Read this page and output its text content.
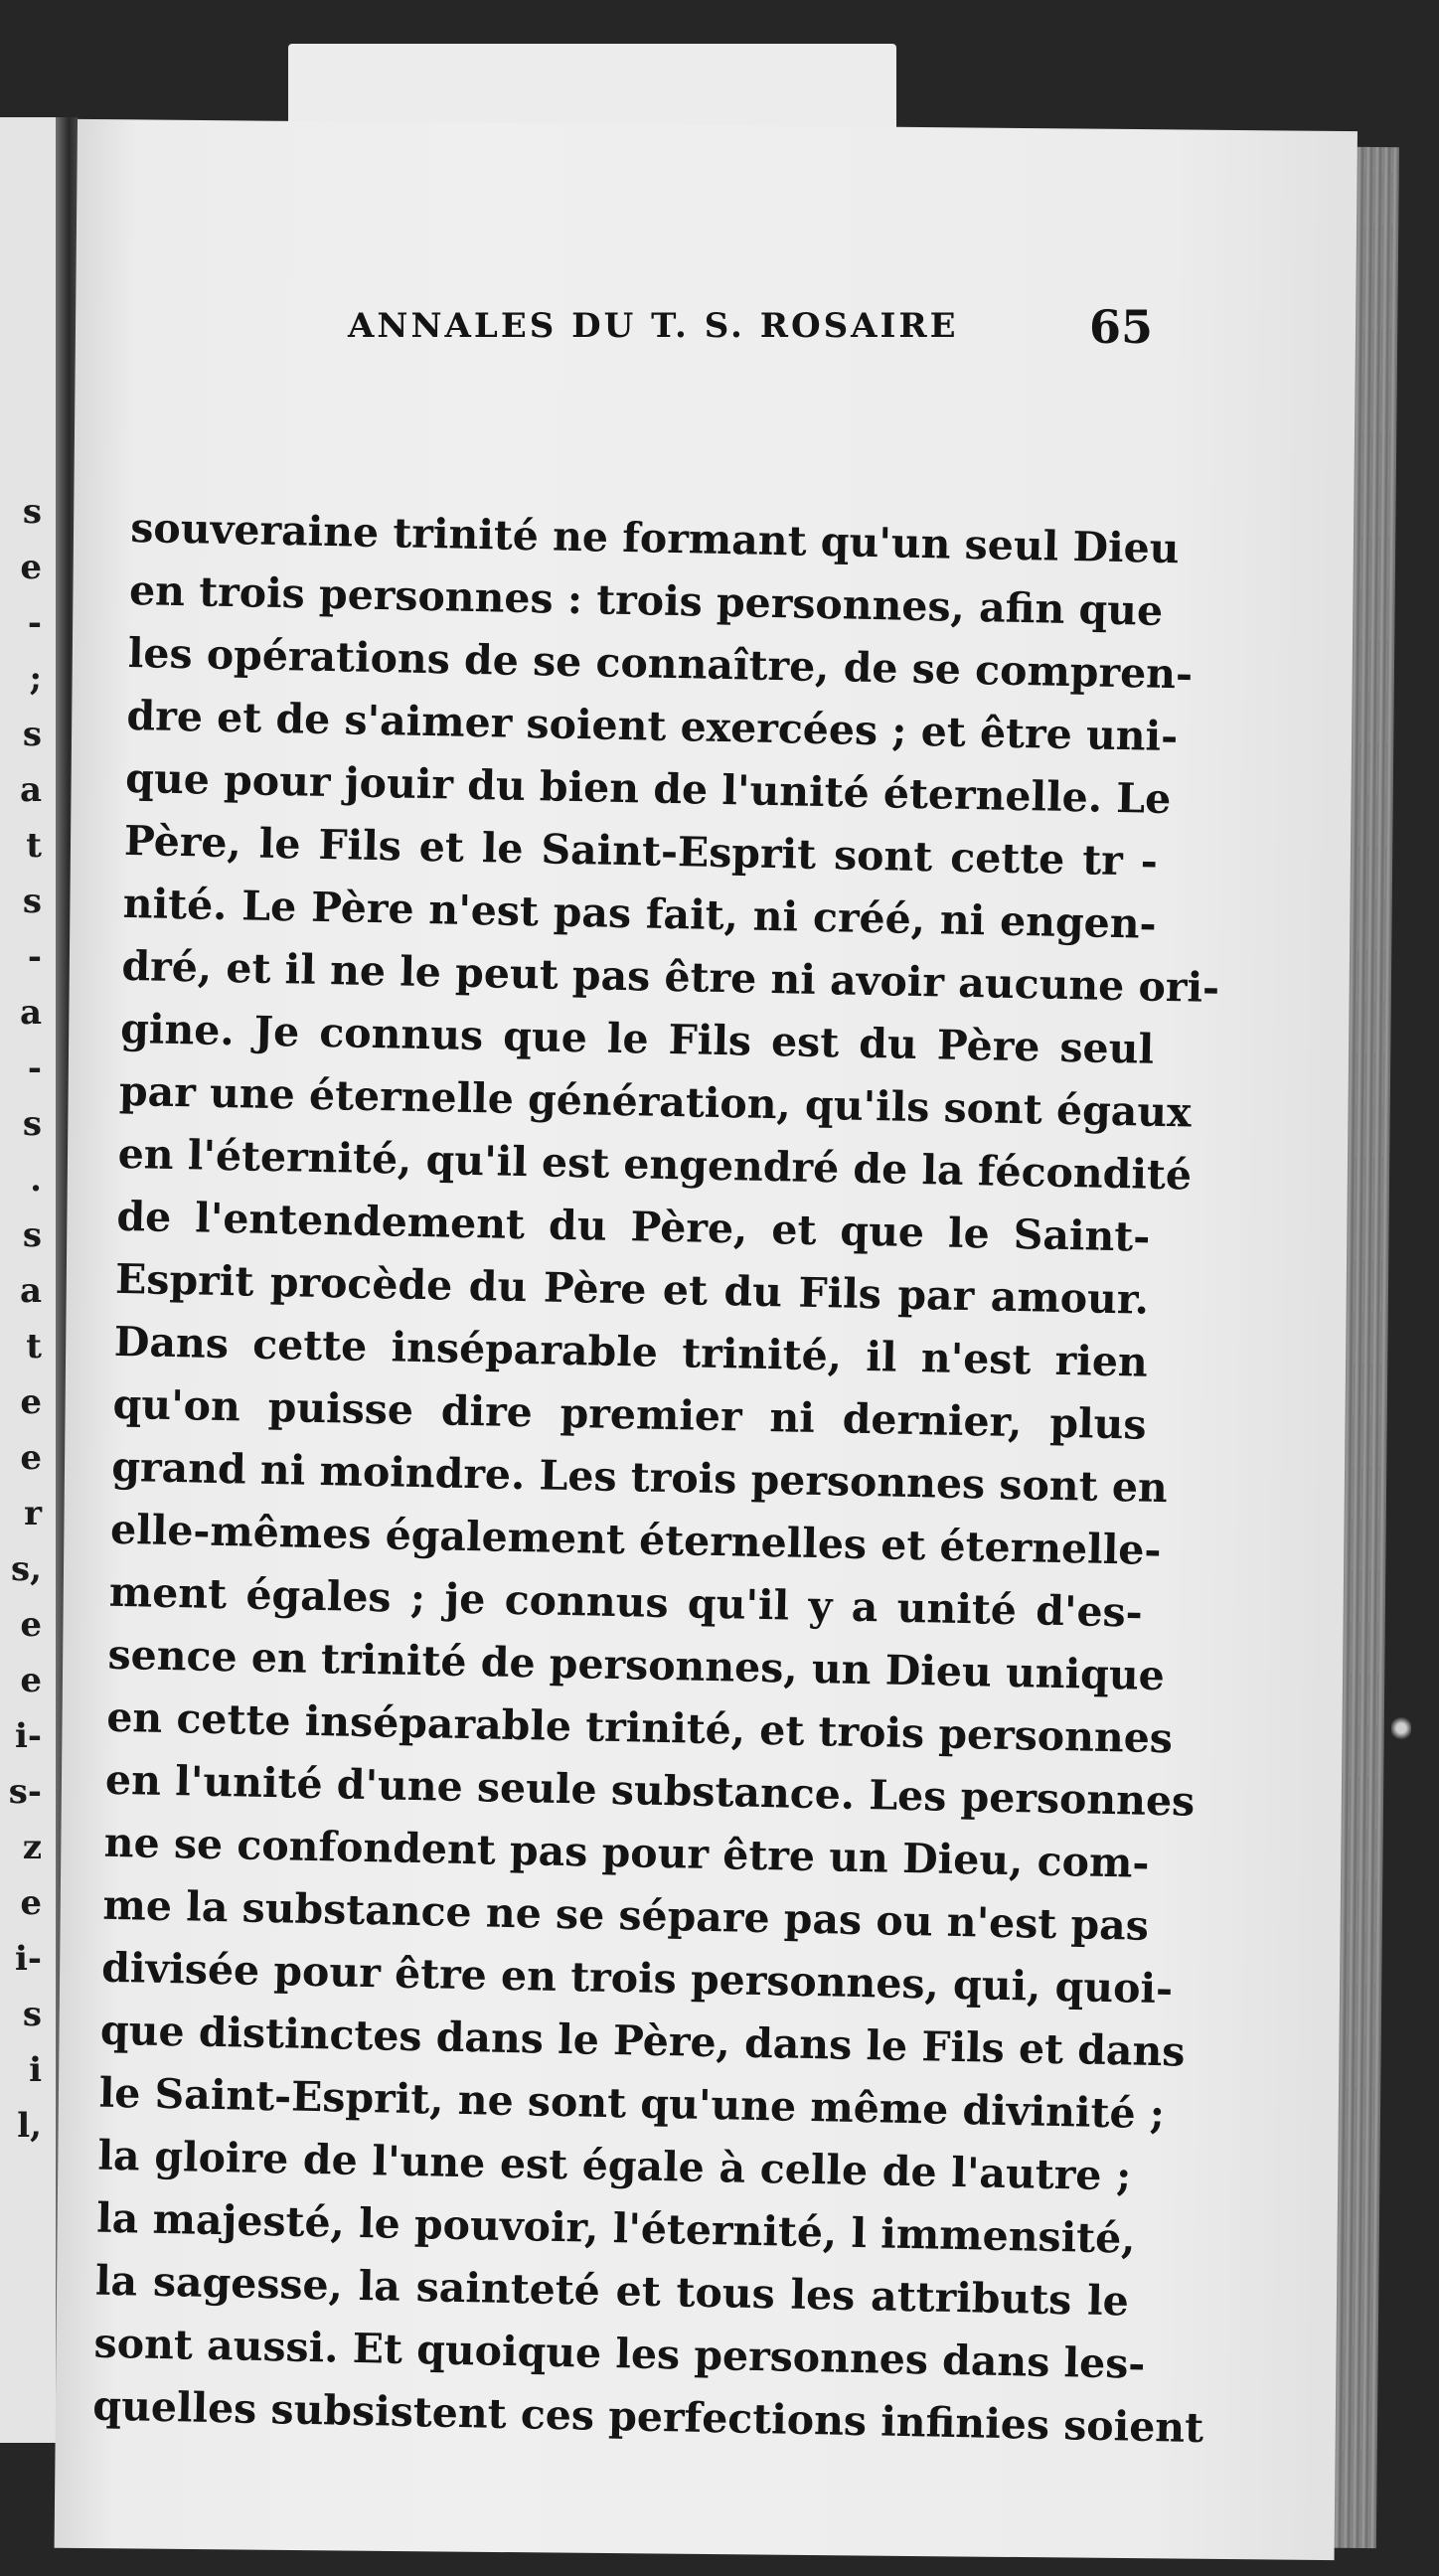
s
e
-
;
s
a
t
s
-
a
-
s
.
s
a
t
e
e
r
s,
e
e
i-
s-
z
e
i-
s
i
l,
ANNALES DU T. S. ROSAIRE	65
souveraine trinité ne formant qu'un seul Dieu
en trois personnes : trois personnes, afin que
les opérations de se connaître, de se compren-
dre et de s'aimer soient exercées ; et être uni-
que pour jouir du bien de l'unité éternelle. Le
Père, le Fils et le Saint-Esprit sont cette tr -
nité. Le Père n'est pas fait, ni créé, ni engen-
dré, et il ne le peut pas être ni avoir aucune ori-
gine. Je connus que le Fils est du Père seul
par une éternelle génération, qu'ils sont égaux
en l'éternité, qu'il est engendré de la fécondité
de l'entendement du Père, et que le Saint-
Esprit procède du Père et du Fils par amour.
Dans cette inséparable trinité, il n'est rien
qu'on puisse dire premier ni dernier, plus
grand ni moindre. Les trois personnes sont en
elle-mêmes également éternelles et éternelle-
ment égales ; je connus qu'il y a unité d'es-
sence en trinité de personnes, un Dieu unique
en cette inséparable trinité, et trois personnes
en l'unité d'une seule substance. Les personnes
ne se confondent pas pour être un Dieu, com-
me la substance ne se sépare pas ou n'est pas
divisée pour être en trois personnes, qui, quoi-
que distinctes dans le Père, dans le Fils et dans
le Saint-Esprit, ne sont qu'une même divinité ;
la gloire de l'une est égale à celle de l'autre ;
la majesté, le pouvoir, l'éternité, l immensité,
la sagesse, la sainteté et tous les attributs le
sont aussi. Et quoique les personnes dans les-
quelles subsistent ces perfections infinies soient
